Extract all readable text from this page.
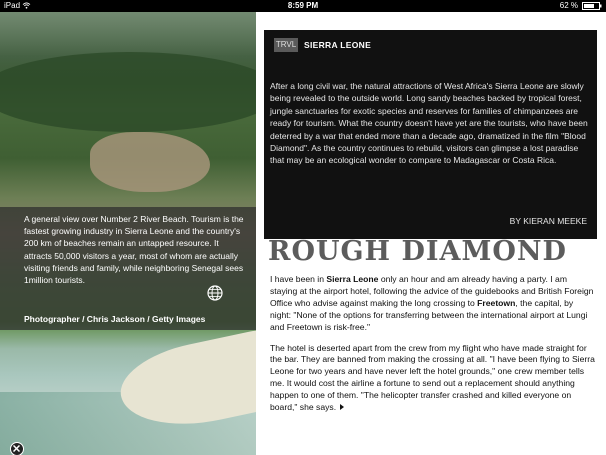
iPad	8:59 PM	62 %
A general view over Number 2 River Beach. Tourism is the fastest growing industry in Sierra Leone and the country's 200 km of beaches remain an untapped resource. It attracts 50,000 visitors a year, most of whom are actually visiting friends and family, while neighboring Senegal sees 1million tourists.
Photographer / Chris Jackson / Getty Images
TRVL SIERRA LEONE
After a long civil war, the natural attractions of West Africa's Sierra Leone are slowly being revealed to the outside world. Long sandy beaches backed by tropical forest, jungle sanctuaries for exotic species and reserves for families of chimpanzees are ready for tourism. What the country doesn't have yet are the tourists, who have been deterred by a war that ended more than a decade ago, dramatized in the film "Blood Diamond". As the country continues to rebuild, visitors can glimpse a lost paradise that may be an ecological wonder to compare to Madagascar or Costa Rica.
BY KIERAN MEEKE
ROUGH DIAMOND

I have been in Sierra Leone only an hour and am already having a party. I am staying at the airport hotel, following the advice of the guidebooks and British Foreign Office who advise against making the long crossing to Freetown, the capital, by night: "None of the options for transferring between the international airport at Lungi and Freetown is risk-free."

The hotel is deserted apart from the crew from my flight who have made straight for the bar. They are banned from making the crossing at all. "I have been flying to Sierra Leone for two years and have never left the hotel grounds," one crew member tells me. It would cost the airline a fortune to send out a replacement should anything happen to one of them. "The helicopter transfer crashed and killed everyone on board," she says.
